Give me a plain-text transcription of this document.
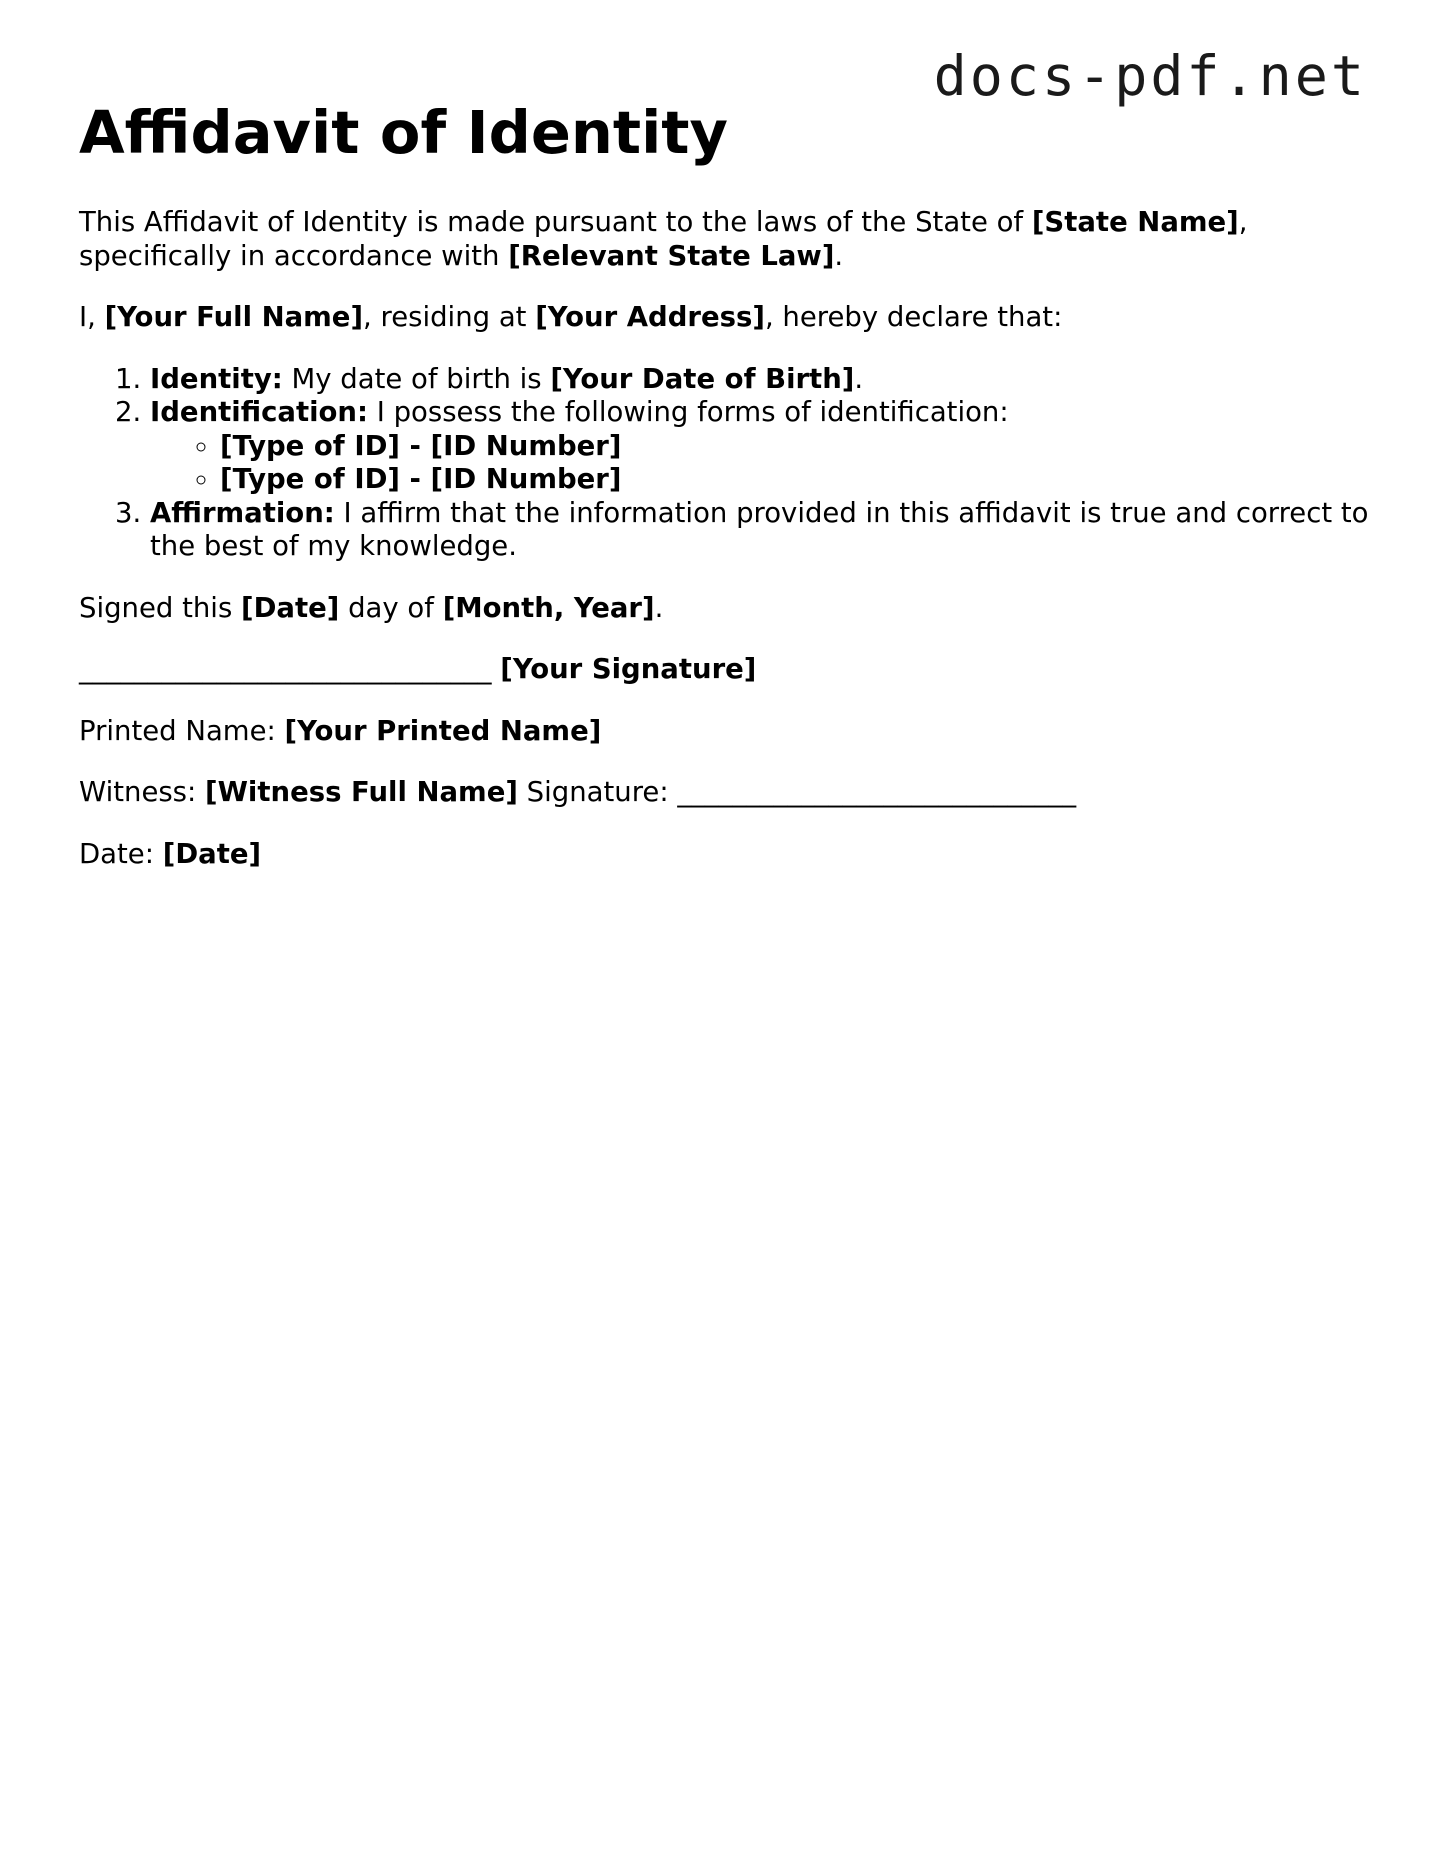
docs-pdf.net
Affidavit of Identity

This Affidavit of Identity is made pursuant to the laws of the State of [State Name], specifically in accordance with [Relevant State Law].

I, [Your Full Name], residing at [Your Address], hereby declare that:

1. Identity: My date of birth is [Your Date of Birth].
2. Identification: I possess the following forms of identification:
◦ [Type of ID] - [ID Number]
◦ [Type of ID] - [ID Number]
3. Affirmation: I affirm that the information provided in this affidavit is true and correct to the best of my knowledge.

Signed this [Date] day of [Month, Year].

______________________________ [Your Signature]

Printed Name: [Your Printed Name]

Witness: [Witness Full Name] Signature: _____________________________

Date: [Date]
